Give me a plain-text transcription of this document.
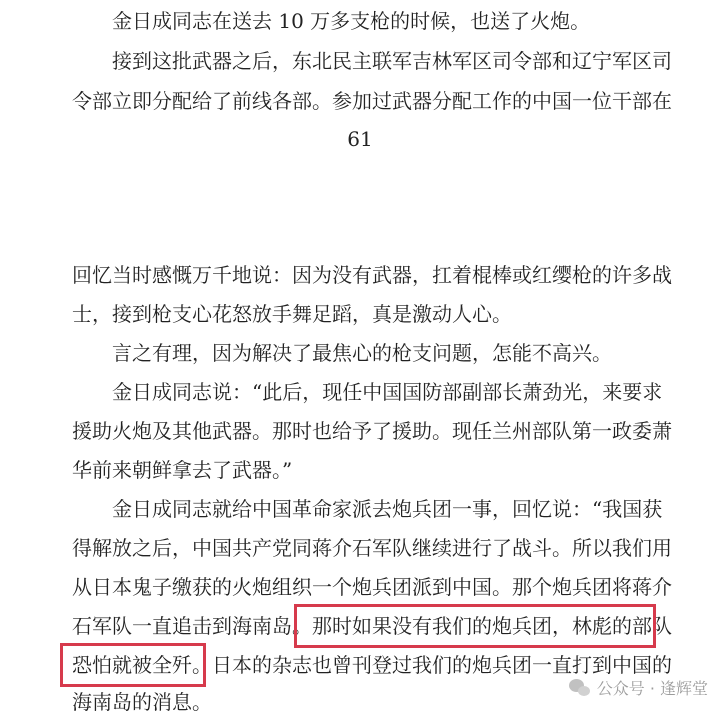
　　金日成同志在送去 10 万多支枪的时候，也送了火炮。
　　接到这批武器之后，东北民主联军吉林军区司令部和辽宁军区司
令部立即分配给了前线各部。参加过武器分配工作的中国一位干部在
61
回忆当时感慨万千地说：因为没有武器，扛着棍棒或红缨枪的许多战
士，接到枪支心花怒放手舞足蹈，真是激动人心。
　　言之有理，因为解决了最焦心的枪支问题，怎能不高兴。
　　金日成同志说：“此后，现任中国国防部副部长萧劲光，来要求
援助火炮及其他武器。那时也给予了援助。现任兰州部队第一政委萧
华前来朝鲜拿去了武器。”
　　金日成同志就给中国革命家派去炮兵团一事，回忆说：“我国获
得解放之后，中国共产党同蒋介石军队继续进行了战斗。所以我们用
从日本鬼子缴获的火炮组织一个炮兵团派到中国。那个炮兵团将蒋介
石军队一直追击到海南岛。那时如果没有我们的炮兵团，林彪的部队
恐怕就被全歼。日本的杂志也曾刊登过我们的炮兵团一直打到中国的
海南岛的消息。
公众号 · 逢辉堂
